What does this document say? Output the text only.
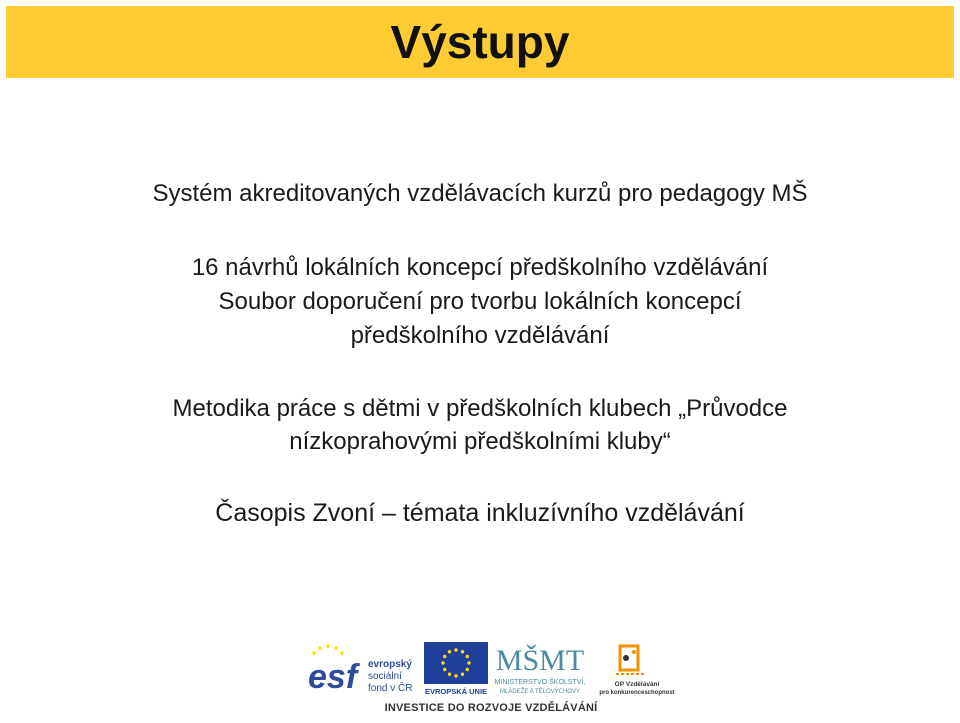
Výstupy
Systém akreditovaných vzdělávacích kurzů pro pedagogy MŠ
16 návrhů lokálních koncepcí předškolního vzdělávání
Soubor doporučení pro tvorbu lokálních koncepcí
předškolního vzdělávání
Metodika práce s dětmi v předškolních klubech „Průvodce
nízkoprahovými předškolními kluby“
Časopis Zvoní – témata inkluzívního vzdělávání
esf	evropský
sociální
fond v ČR EVROPSKÁ UNIE
MŠMT
MINISTERSTVO ŠKOLSTVÍ,
MLÁDEŽE A TĚLOVÝCHOVY
OP Vzdělávání
pro konkurenceschopnost
INVESTICE DO ROZVOJE VZDĚLÁVÁNÍ
